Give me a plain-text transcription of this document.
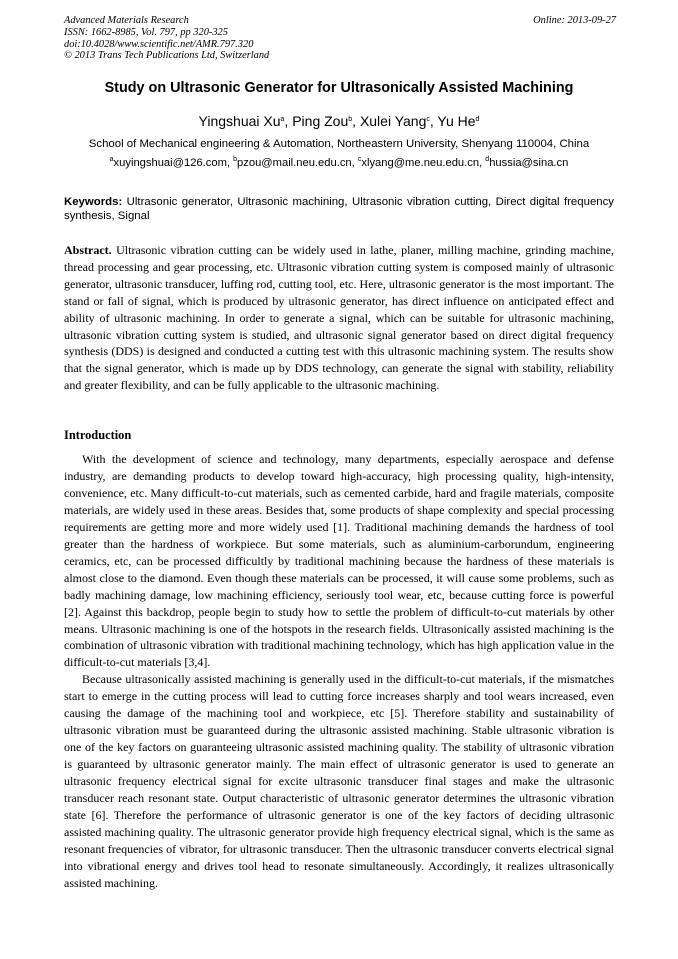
Advanced Materials Research
ISSN: 1662-8985, Vol. 797, pp 320-325
doi:10.4028/www.scientific.net/AMR.797.320
© 2013 Trans Tech Publications Ltd, Switzerland
Online: 2013-09-27
Study on Ultrasonic Generator for Ultrasonically Assisted Machining
Yingshuai Xu$^a$, Ping Zou$^b$, Xulei Yang$^c$, Yu He$^d$
School of Mechanical engineering & Automation, Northeastern University, Shenyang 110004, China
$^a$xuyingshuai@126.com, $^b$pzou@mail.neu.edu.cn, $^c$xlyang@me.neu.edu.cn, $^d$hussia@sina.cn
Keywords: Ultrasonic generator, Ultrasonic machining, Ultrasonic vibration cutting, Direct digital frequency synthesis, Signal
Abstract. Ultrasonic vibration cutting can be widely used in lathe, planer, milling machine, grinding machine, thread processing and gear processing, etc. Ultrasonic vibration cutting system is composed mainly of ultrasonic generator, ultrasonic transducer, luffing rod, cutting tool, etc. Here, ultrasonic generator is the most important. The stand or fall of signal, which is produced by ultrasonic generator, has direct influence on anticipated effect and ability of ultrasonic machining. In order to generate a signal, which can be suitable for ultrasonic machining, ultrasonic vibration cutting system is studied, and ultrasonic signal generator based on direct digital frequency synthesis (DDS) is designed and conducted a cutting test with this ultrasonic machining system. The results show that the signal generator, which is made up by DDS technology, can generate the signal with stability, reliability and greater flexibility, and can be fully applicable to the ultrasonic machining.
Introduction

With the development of science and technology, many departments, especially aerospace and defense industry, are demanding products to develop toward high-accuracy, high processing quality, high-intensity, convenience, etc. Many difficult-to-cut materials, such as cemented carbide, hard and fragile materials, composite materials, are widely used in these areas. Besides that, some products of shape complexity and special processing requirements are getting more and more widely used [1]. Traditional machining demands the hardness of tool greater than the hardness of workpiece. But some materials, such as aluminium-carborundum, engineering ceramics, etc, can be processed difficultly by traditional machining because the hardness of these materials is almost close to the diamond. Even though these materials can be processed, it will cause some problems, such as badly machining damage, low machining efficiency, seriously tool wear, etc, because cutting force is powerful [2]. Against this backdrop, people begin to study how to settle the problem of difficult-to-cut materials by other means. Ultrasonic machining is one of the hotspots in the research fields. Ultrasonically assisted machining is the combination of ultrasonic vibration with traditional machining technology, which has high application value in the difficult-to-cut materials [3,4].

Because ultrasonically assisted machining is generally used in the difficult-to-cut materials, if the mismatches start to emerge in the cutting process will lead to cutting force increases sharply and tool wears increased, even causing the damage of the machining tool and workpiece, etc [5]. Therefore stability and sustainability of ultrasonic vibration must be guaranteed during the ultrasonic assisted machining. Stable ultrasonic vibration is one of the key factors on guaranteeing ultrasonic assisted machining quality. The stability of ultrasonic vibration is guaranteed by ultrasonic generator mainly. The main effect of ultrasonic generator is used to generate an ultrasonic frequency electrical signal for excite ultrasonic transducer final stages and make the ultrasonic transducer reach resonant state. Output characteristic of ultrasonic generator determines the ultrasonic vibration state [6]. Therefore the performance of ultrasonic generator is one of the key factors of deciding ultrasonic assisted machining quality. The ultrasonic generator provide high frequency electrical signal, which is the same as resonant frequencies of vibrator, for ultrasonic transducer. Then the ultrasonic transducer converts electrical signal into vibrational energy and drives tool head to resonate simultaneously. Accordingly, it realizes ultrasonically assisted machining.
